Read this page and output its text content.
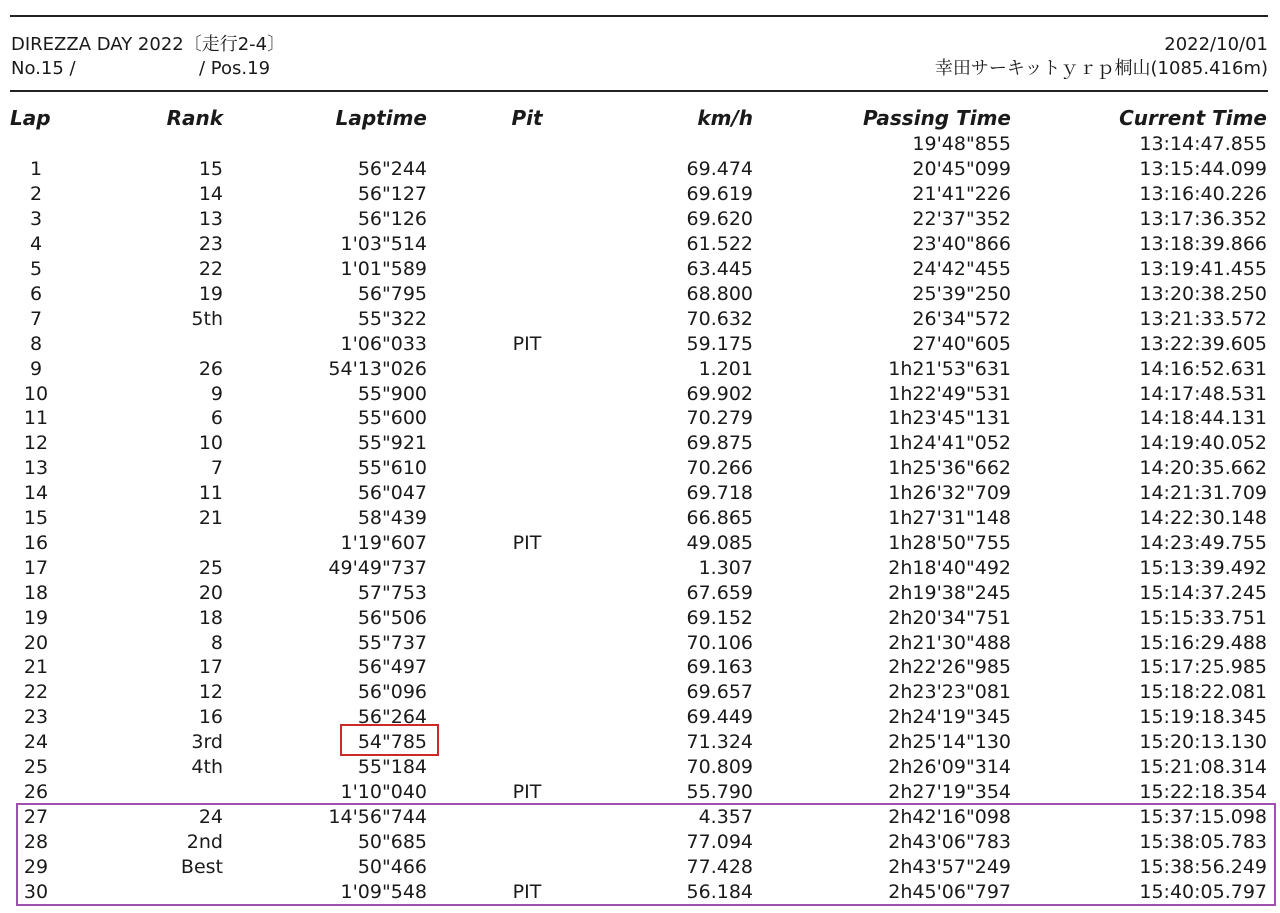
DIREZZA DAY 2022〔走行2-4〕
No.15 /	/ Pos.19
2022/10/01
幸田サーキットｙｒｐ桐山(1085.416m)
Lap	Rank	Laptime	Pit	km/h	Passing Time	Current Time
					19'48"855	13:14:47.855
1	15	56"244		69.474	20'45"099	13:15:44.099
2	14	56"127		69.619	21'41"226	13:16:40.226
3	13	56"126		69.620	22'37"352	13:17:36.352
4	23	1'03"514		61.522	23'40"866	13:18:39.866
5	22	1'01"589		63.445	24'42"455	13:19:41.455
6	19	56"795		68.800	25'39"250	13:20:38.250
7	5th	55"322		70.632	26'34"572	13:21:33.572
8		1'06"033	PIT	59.175	27'40"605	13:22:39.605
9	26	54'13"026		1.201	1h21'53"631	14:16:52.631
10	9	55"900		69.902	1h22'49"531	14:17:48.531
11	6	55"600		70.279	1h23'45"131	14:18:44.131
12	10	55"921		69.875	1h24'41"052	14:19:40.052
13	7	55"610		70.266	1h25'36"662	14:20:35.662
14	11	56"047		69.718	1h26'32"709	14:21:31.709
15	21	58"439		66.865	1h27'31"148	14:22:30.148
16		1'19"607	PIT	49.085	1h28'50"755	14:23:49.755
17	25	49'49"737		1.307	2h18'40"492	15:13:39.492
18	20	57"753		67.659	2h19'38"245	15:14:37.245
19	18	56"506		69.152	2h20'34"751	15:15:33.751
20	8	55"737		70.106	2h21'30"488	15:16:29.488
21	17	56"497		69.163	2h22'26"985	15:17:25.985
22	12	56"096		69.657	2h23'23"081	15:18:22.081
23	16	56"264		69.449	2h24'19"345	15:19:18.345
24	3rd	54"785		71.324	2h25'14"130	15:20:13.130
25	4th	55"184		70.809	2h26'09"314	15:21:08.314
26		1'10"040	PIT	55.790	2h27'19"354	15:22:18.354
27	24	14'56"744		4.357	2h42'16"098	15:37:15.098
28	2nd	50"685		77.094	2h43'06"783	15:38:05.783
29	Best	50"466		77.428	2h43'57"249	15:38:56.249
30		1'09"548	PIT	56.184	2h45'06"797	15:40:05.797
